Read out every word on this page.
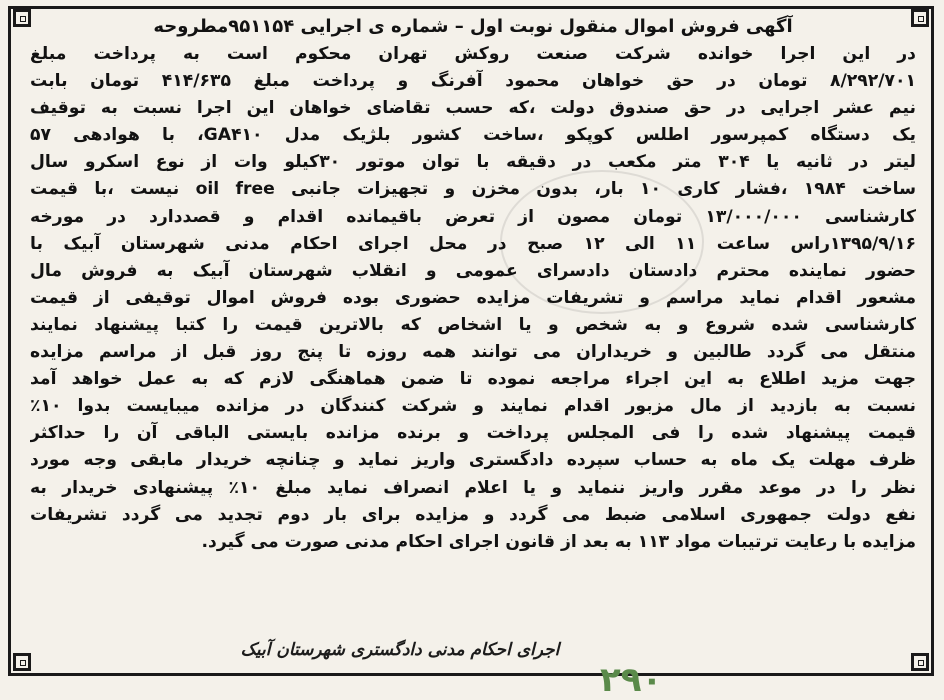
آگهی فروش اموال منقول نوبت اول – شماره ی اجرایی ۹۵۱۱۵۴مطروحه
در این اجرا خوانده شرکت صنعت روکش تهران محکوم است به پرداخت مبلغ
۸/۲۹۲/۷۰۱ تومان در حق خواهان محمود آفرنگ و پرداخت مبلغ ۴۱۴/۶۳۵ تومان بابت
نیم عشر اجرایی در حق صندوق دولت ،که حسب تقاضای خواهان این اجرا نسبت به توقیف
یک دستگاه کمپرسور اطلس کوپکو ،ساخت کشور بلژیک مدل GA۴۱۰، با هوادهی ۵۷
لیتر در ثانیه یا ۳۰۴ متر مکعب در دقیقه با توان موتور ۳۰کیلو وات از نوع اسکرو سال
ساخت ۱۹۸۴ ،فشار کاری ۱۰ بار، بدون مخزن و تجهیزات جانبی oil free نیست ،با قیمت
کارشناسی ۱۳/۰۰۰/۰۰۰ تومان مصون از تعرض باقیمانده اقدام و قصددارد در مورخه
۱۳۹۵/۹/۱۶راس ساعت ۱۱ الی ۱۲ صبح در محل اجرای احکام مدنی شهرستان آبیک با
حضور نماینده محترم دادستان دادسرای عمومی و انقلاب شهرستان آبیک به فروش مال
مشعور اقدام نماید مراسم و تشریفات مزایده حضوری بوده فروش اموال توقیفی از قیمت
کارشناسی شده شروع و به شخص و یا اشخاص که بالاترین قیمت را کتبا پیشنهاد نمایند
منتقل می گردد طالبین و خریداران می توانند همه روزه تا پنج روز قبل از مراسم مزایده
جهت مزید اطلاع به این اجراء مراجعه نموده تا ضمن هماهنگی لازم که به عمل خواهد آمد
نسبت به بازدید از مال مزبور اقدام نمایند و شرکت کنندگان در مزانده میبایست بدوا ۱۰٪
قیمت پیشنهاد شده را فی المجلس پرداخت و برنده مزانده بایستی الباقی آن را حداکثر
ظرف مهلت یک ماه به حساب سپرده دادگستری واریز نماید و چنانچه خریدار مابقی وجه مورد
نظر را در موعد مقرر واریز ننماید و یا اعلام انصراف نماید مبلغ ۱۰٪ پیشنهادی خریدار به
نفع دولت جمهوری اسلامی ضبط می گردد و مزایده برای بار دوم تجدید می گردد تشریفات
مزایده با رعایت ترتیبات مواد ۱۱۳ به بعد از قانون اجرای احکام مدنی صورت می گیرد.
اجرای احکام مدنی دادگستری شهرستان آبیک
۲۹۰
